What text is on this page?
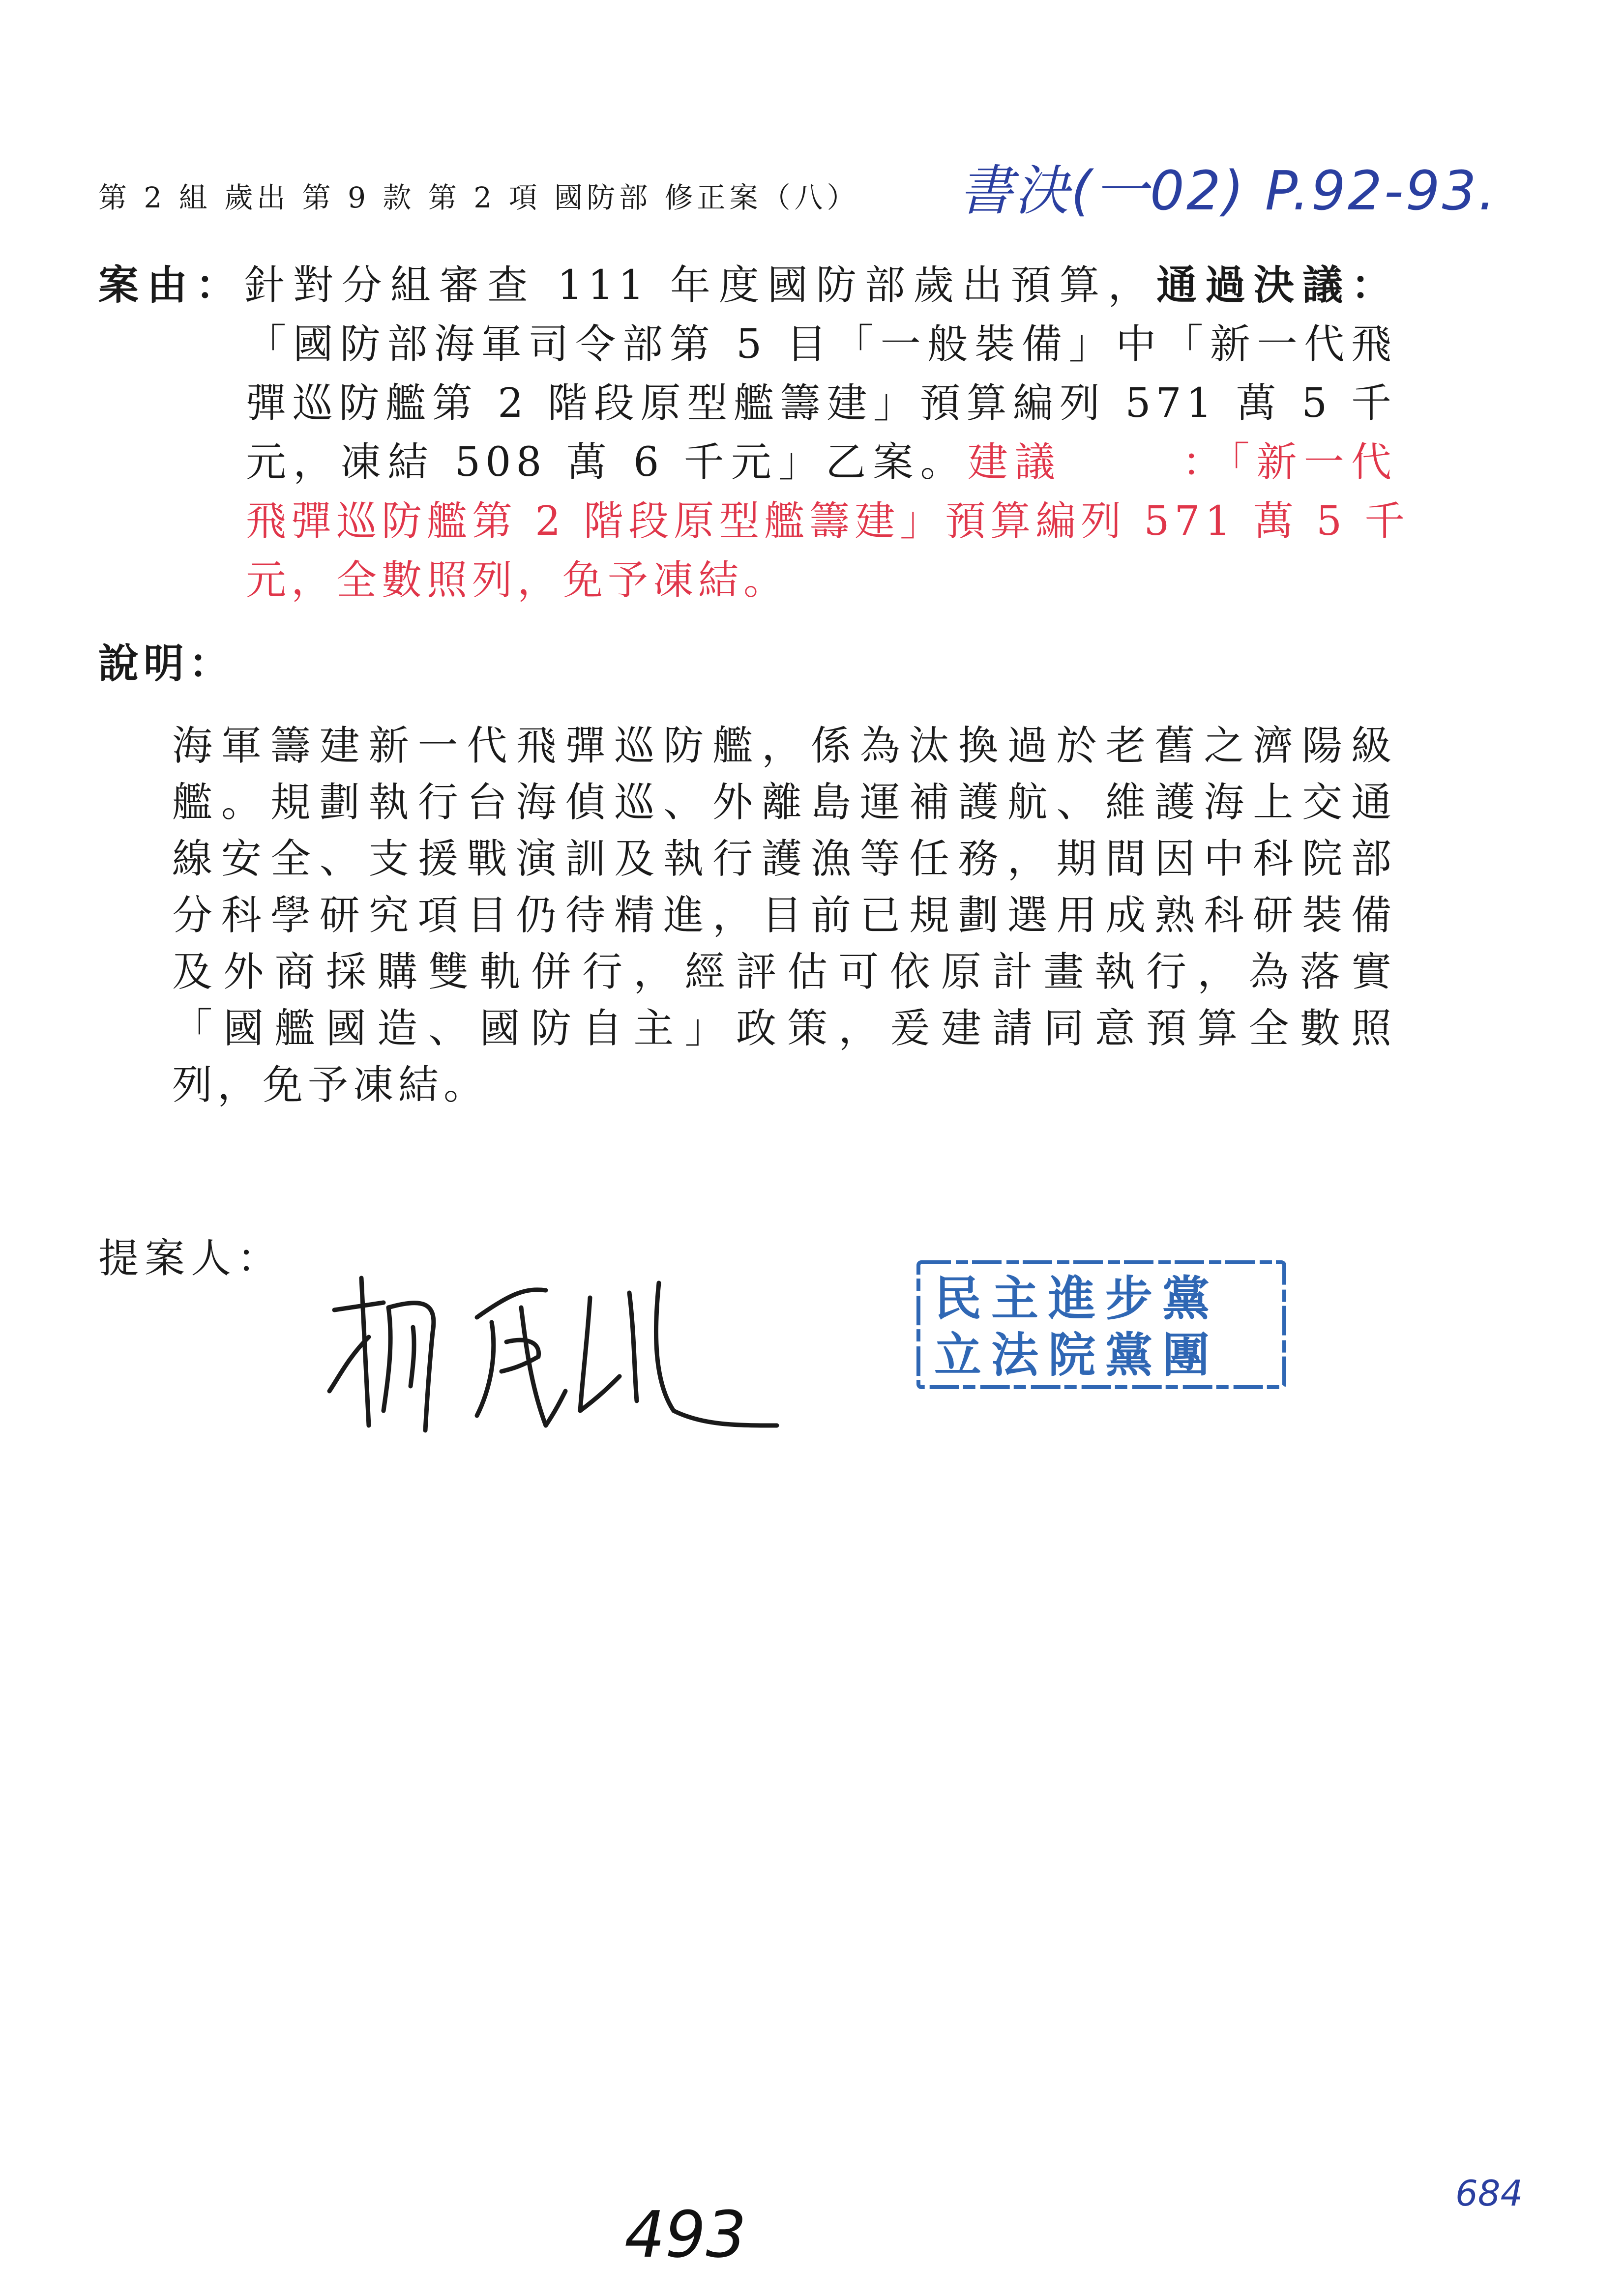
第 2 組 歲出 第 9 款 第 2 項 國防部 修正案（八） 書決(一02) P.92-93.
案由：針對分組審查 111 年度國防部歲出預算，通過決議：
「國防部海軍司令部第 5 目「一般裝備」中「新一代飛
彈巡防艦第 2 階段原型艦籌建」預算編列 571 萬 5 千
元，凍結 508 萬 6 千元」乙案。建議	：「新一代
飛彈巡防艦第 2 階段原型艦籌建」預算編列 571 萬 5 千
元，全數照列，免予凍結。
說明：
海軍籌建新一代飛彈巡防艦，係為汰換過於老舊之濟陽級
艦。規劃執行台海偵巡、外離島運補護航、維護海上交通
線安全、支援戰演訓及執行護漁等任務，期間因中科院部
分科學研究項目仍待精進，目前已規劃選用成熟科研裝備
及外商採購雙軌併行，經評估可依原計畫執行，為落實
「國艦國造、國防自主」政策，爰建請同意預算全數照
列，免予凍結。
提案人：
民主進步黨
立法院黨團
493
684
